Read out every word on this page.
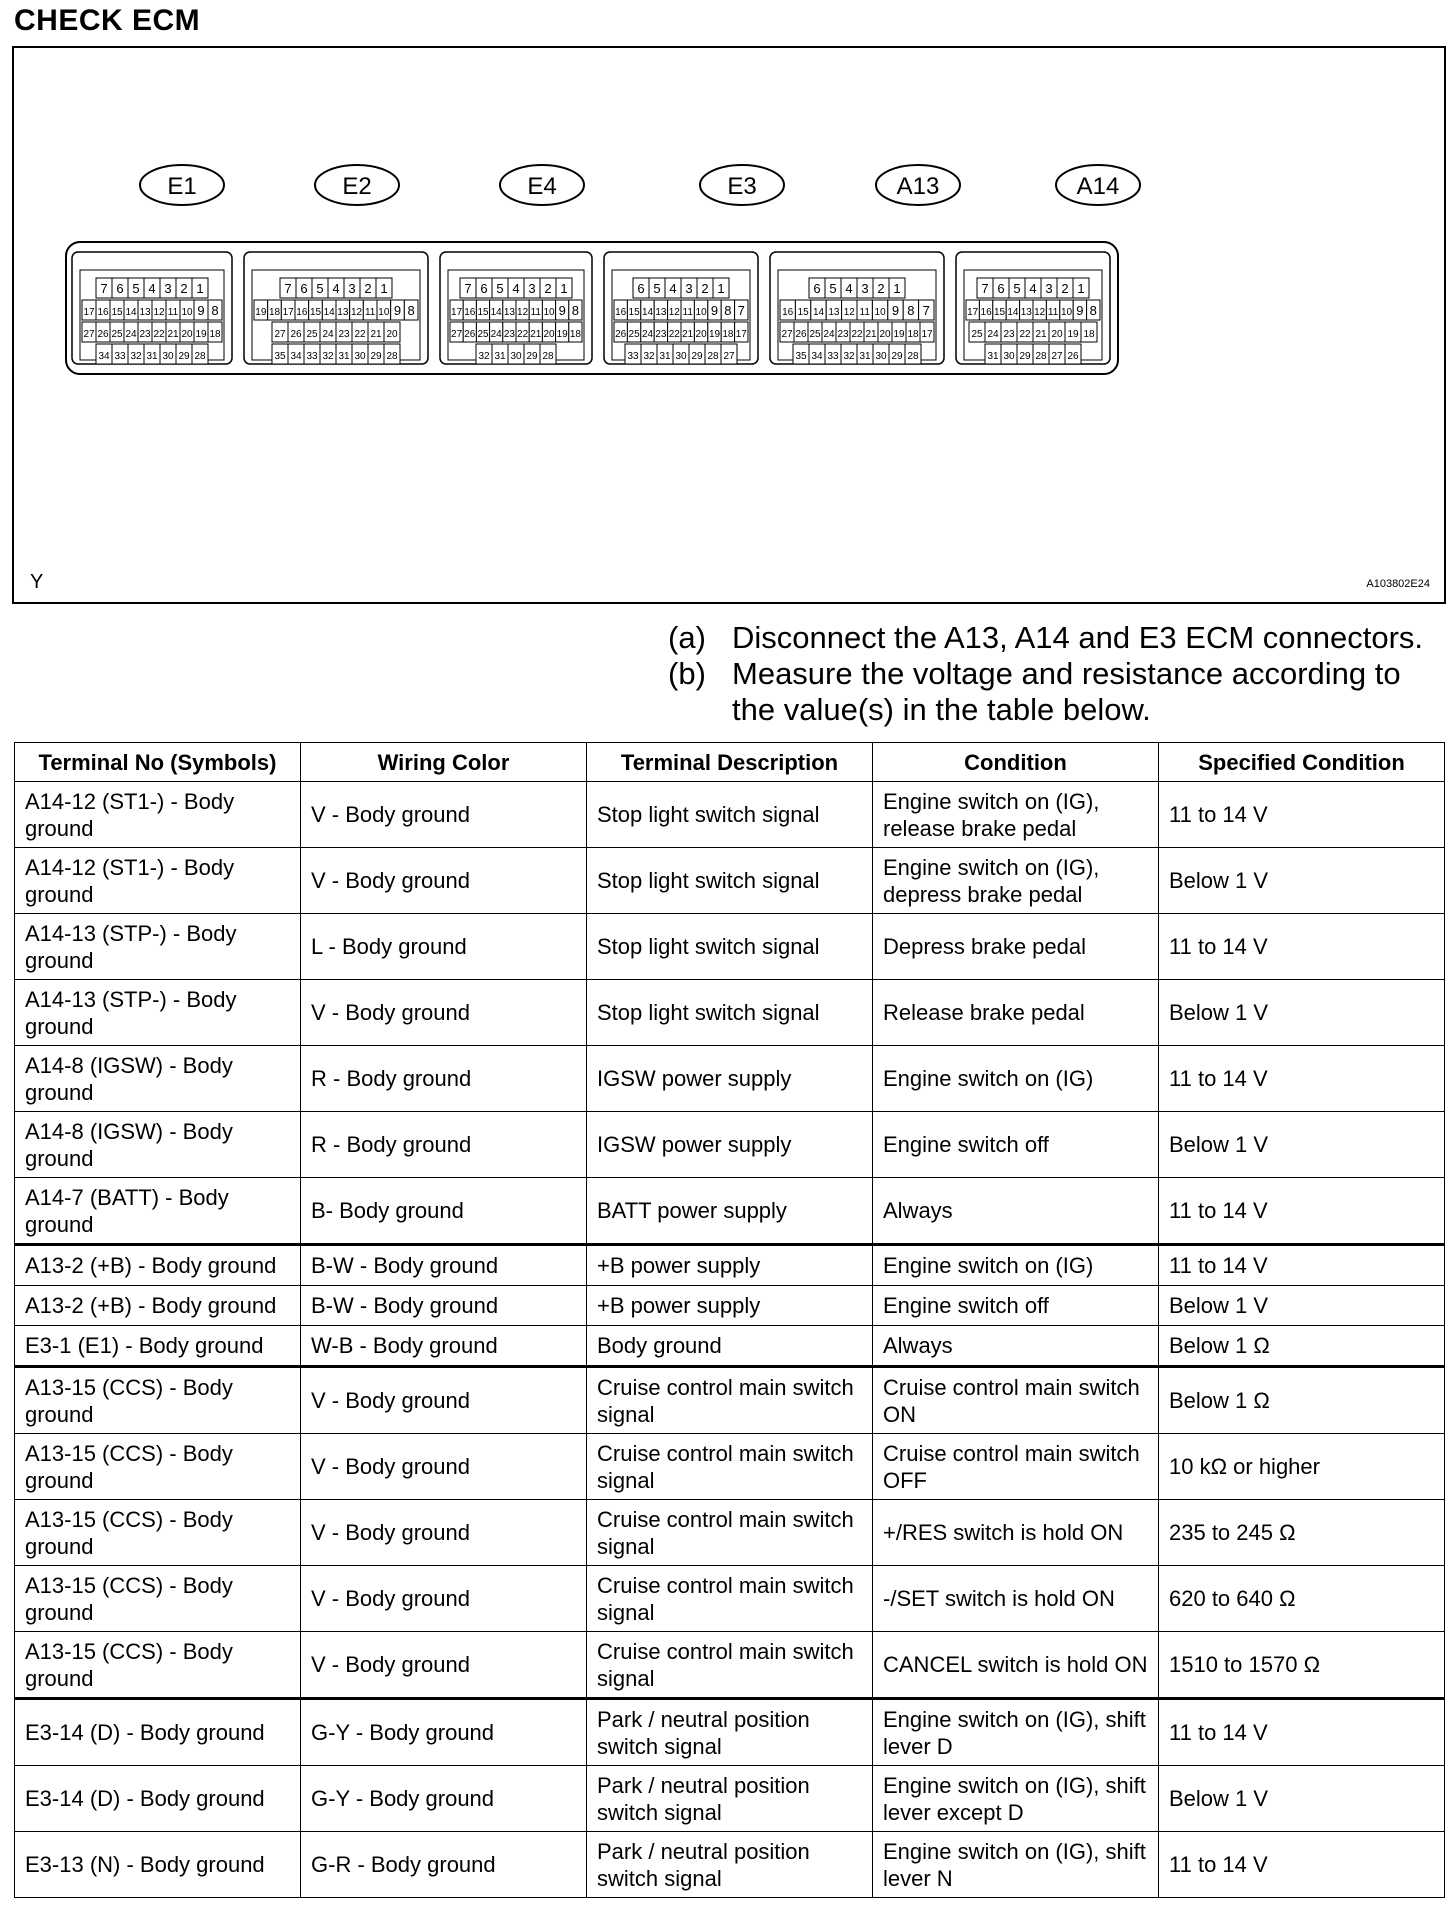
CHECK ECM
E1
7 6 5 4 3 2 1
17 16 15 14 13 12 11 10 9 8
27 26 25 24 23 22 21 20 19 18
34 33 32 31 30 29 28
E2
7 6 5 4 3 2 1
19 18 17 16 15 14 13 12 11 10 9 8
27 26 25 24 23 22 21 20
35 34 33 32 31 30 29 28
E4
7 6 5 4 3 2 1
17 16 15 14 13 12 11 10 9 8
27 26 25 24 23 22 21 20 19 18
32 31 30 29 28
E3
6 5 4 3 2 1
16 15 14 13 12 11 10 9 8 7
26 25 24 23 22 21 20 19 18 17
33 32 31 30 29 28 27
A13
6 5 4 3 2 1
16 15 14 13 12 11 10 9 8 7
27 26 25 24 23 22 21 20 19 18 17
35 34 33 32 31 30 29 28
A14
7 6 5 4 3 2 1
17 16 15 14 13 12 11 10 9 8
25 24 23 22 21 20 19 18
31 30 29 28 27 26
Y	A103802E24
(a) Disconnect the A13, A14 and E3 ECM connectors.
(b) Measure the voltage and resistance according to the value(s) in the table below.
Terminal No (Symbols)	Wiring Color	Terminal Description	Condition	Specified Condition
A14-12 (ST1-) - Body ground	V - Body ground	Stop light switch signal	Engine switch on (IG), release brake pedal	11 to 14 V
A14-12 (ST1-) - Body ground	V - Body ground	Stop light switch signal	Engine switch on (IG), depress brake pedal	Below 1 V
A14-13 (STP-) - Body ground	L - Body ground	Stop light switch signal	Depress brake pedal	11 to 14 V
A14-13 (STP-) - Body ground	V - Body ground	Stop light switch signal	Release brake pedal	Below 1 V
A14-8 (IGSW) - Body ground	R - Body ground	IGSW power supply	Engine switch on (IG)	11 to 14 V
A14-8 (IGSW) - Body ground	R - Body ground	IGSW power supply	Engine switch off	Below 1 V
A14-7 (BATT) - Body ground	B- Body ground	BATT power supply	Always	11 to 14 V
A13-2 (+B) - Body ground	B-W - Body ground	+B power supply	Engine switch on (IG)	11 to 14 V
A13-2 (+B) - Body ground	B-W - Body ground	+B power supply	Engine switch off	Below 1 V
E3-1 (E1) - Body ground	W-B - Body ground	Body ground	Always	Below 1 Ω
A13-15 (CCS) - Body ground	V - Body ground	Cruise control main switch signal	Cruise control main switch ON	Below 1 Ω
A13-15 (CCS) - Body ground	V - Body ground	Cruise control main switch signal	Cruise control main switch OFF	10 kΩ or higher
A13-15 (CCS) - Body ground	V - Body ground	Cruise control main switch signal	+/RES switch is hold ON	235 to 245 Ω
A13-15 (CCS) - Body ground	V - Body ground	Cruise control main switch signal	-/SET switch is hold ON	620 to 640 Ω
A13-15 (CCS) - Body ground	V - Body ground	Cruise control main switch signal	CANCEL switch is hold ON	1510 to 1570 Ω
E3-14 (D) - Body ground	G-Y - Body ground	Park / neutral position switch signal	Engine switch on (IG), shift lever D	11 to 14 V
E3-14 (D) - Body ground	G-Y - Body ground	Park / neutral position switch signal	Engine switch on (IG), shift lever except D	Below 1 V
E3-13 (N) - Body ground	G-R - Body ground	Park / neutral position switch signal	Engine switch on (IG), shift lever N	11 to 14 V
